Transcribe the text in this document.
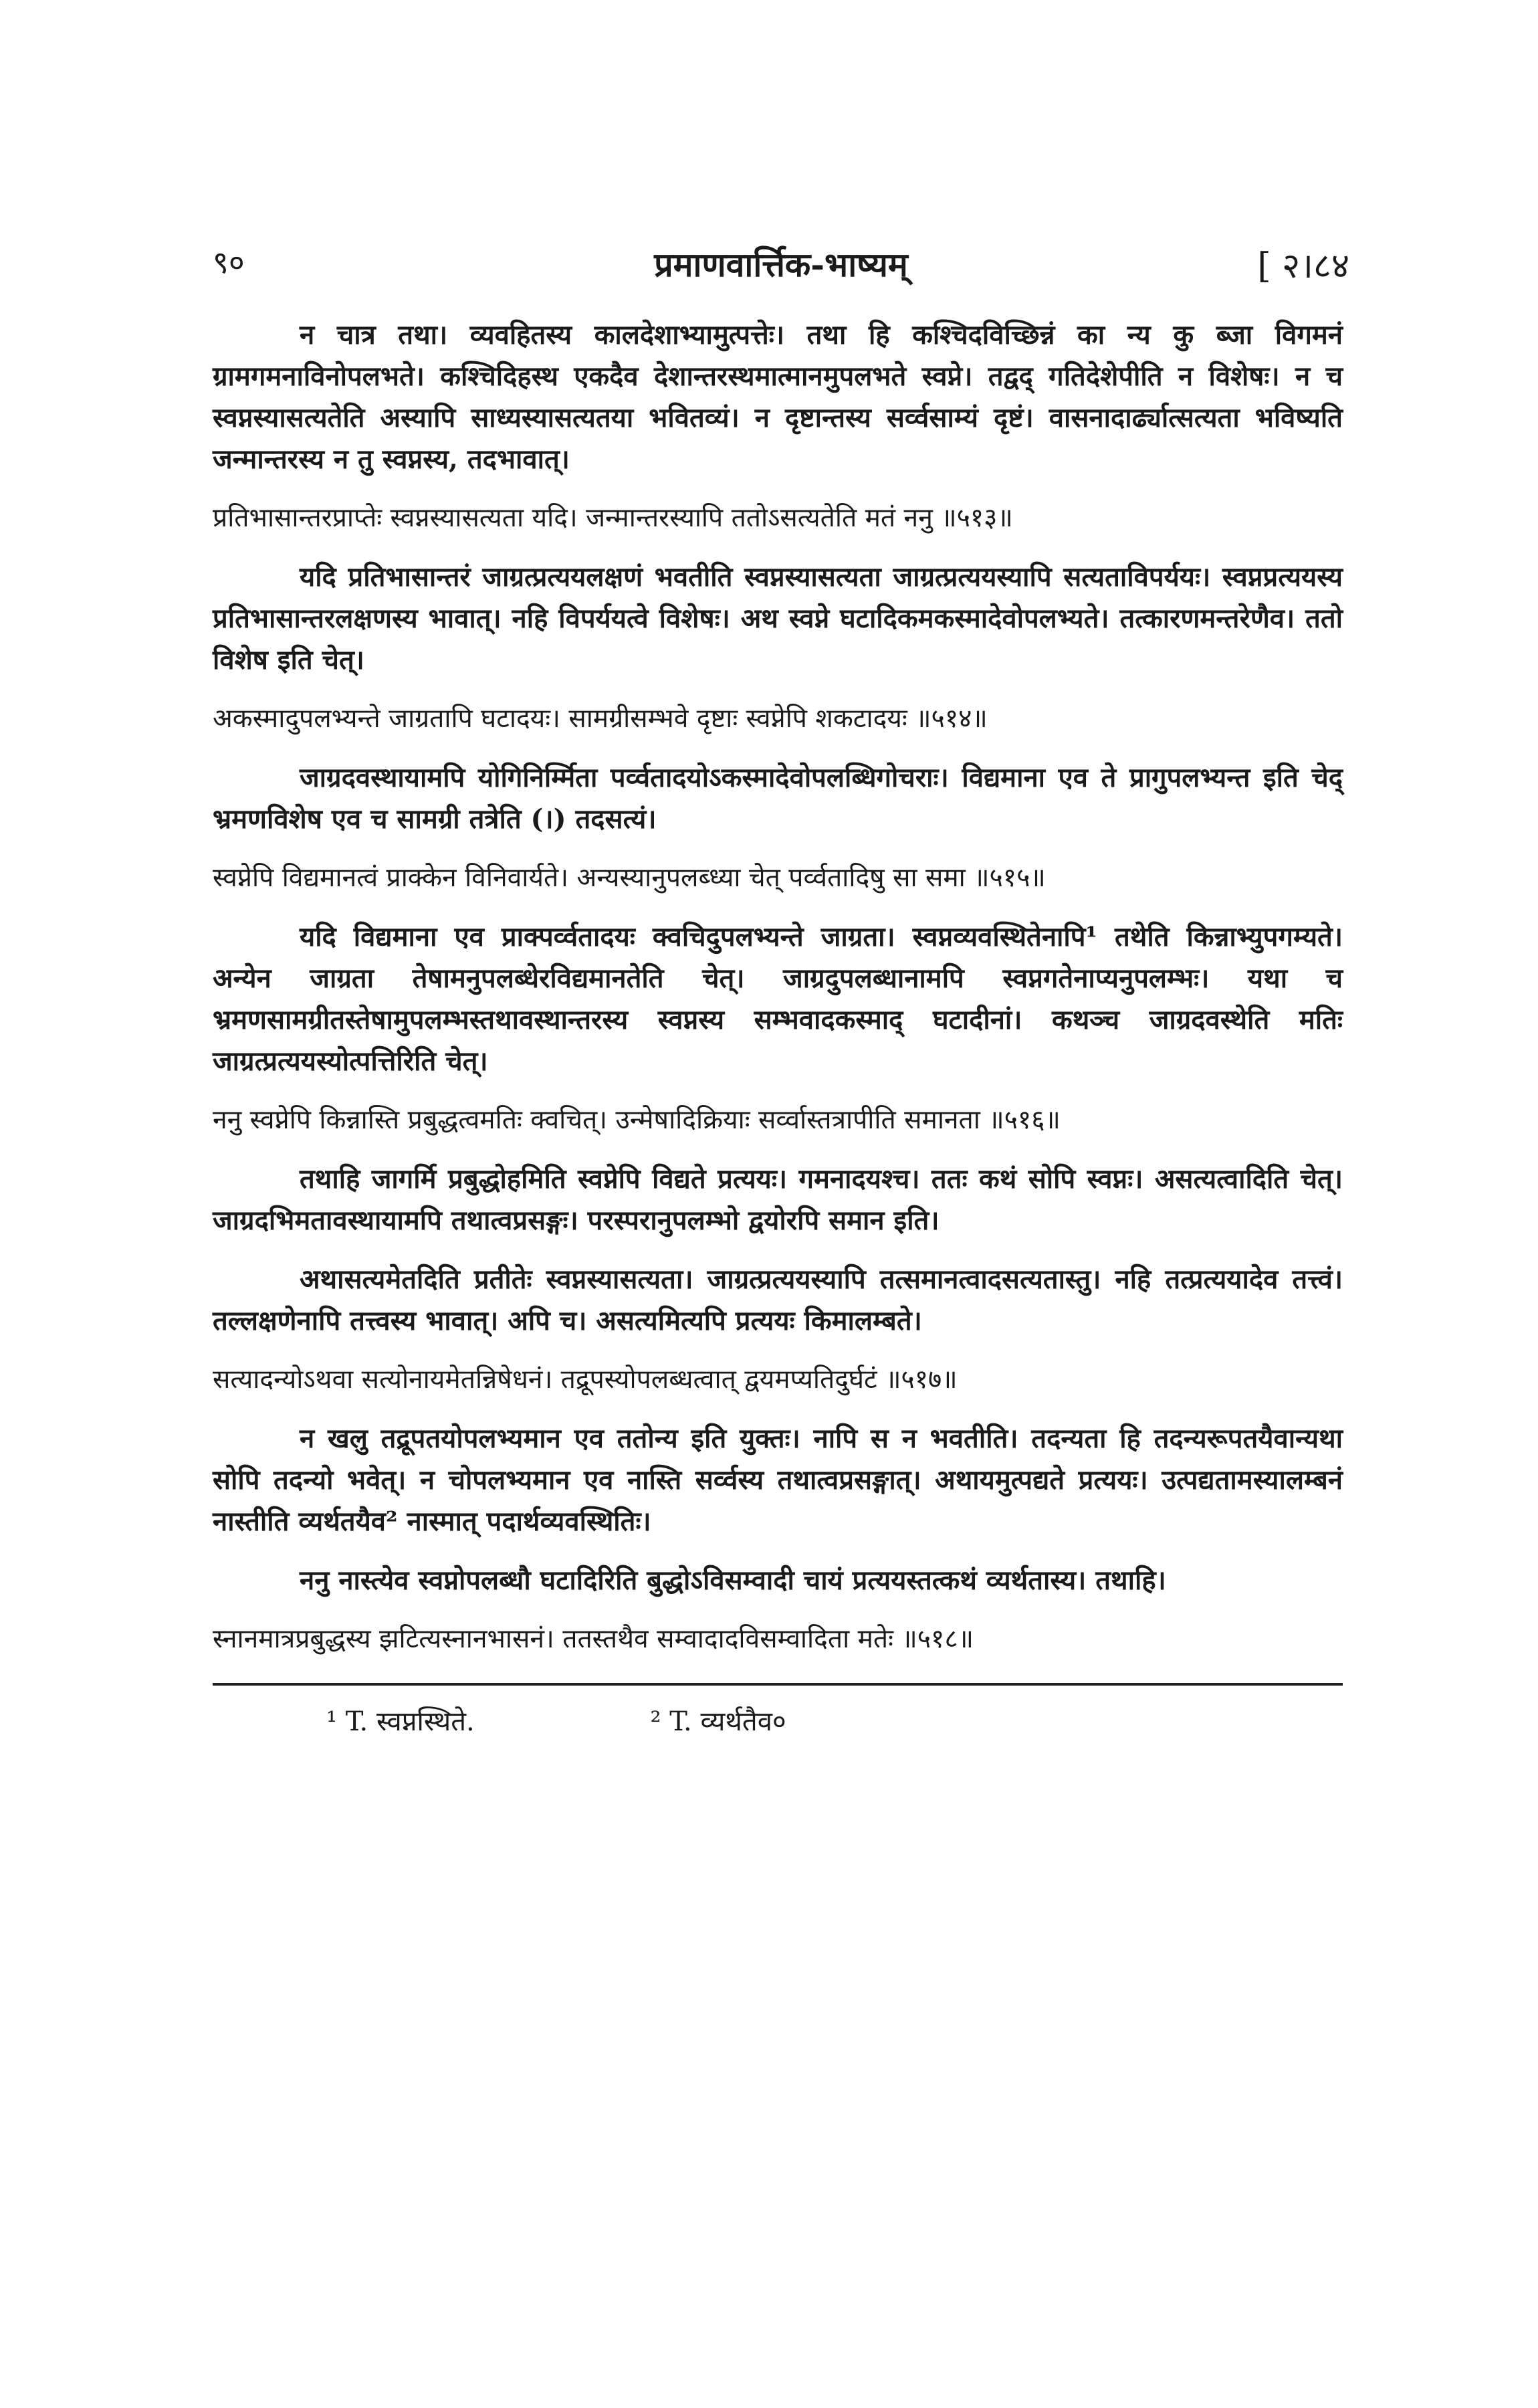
९०	प्रमाणवार्त्तिक-भाष्यम्	[ २।८४

न चात्र तथा। व्यवहितस्य कालदेशाभ्यामुत्पत्तेः। तथा हि कश्चिदविच्छिन्नं का न्य कु ब्जा विगमनं ग्रामगमनाविनोपलभते। कश्चिदिहस्थ एकदैव देशान्तरस्थमात्मानमुपलभते स्वप्ने। तद्वद् गतिदेशेपीति न विशेषः। न च स्वप्नस्यासत्यतेति अस्यापि साध्यस्यासत्यतया भवितव्यं। न दृष्टान्तस्य सर्व्वसाम्यं दृष्टं। वासनादार्ढ्यात्सत्यता भविष्यति जन्मान्तरस्य न तु स्वप्नस्य, तदभावात्।

प्रतिभासान्तरप्राप्तेः स्वप्नस्यासत्यता यदि। जन्मान्तरस्यापि ततोऽसत्यतेति मतं ननु ॥५१३॥

यदि प्रतिभासान्तरं जाग्रत्प्रत्ययलक्षणं भवतीति स्वप्नस्यासत्यता जाग्रत्प्रत्ययस्यापि सत्यताविपर्ययः। स्वप्नप्रत्ययस्य प्रतिभासान्तरलक्षणस्य भावात्। नहि विपर्ययत्वे विशेषः। अथ स्वप्ने घटादिकमकस्मादेवोपलभ्यते। तत्कारणमन्तरेणैव। ततो विशेष इति चेत्।

अकस्मादुपलभ्यन्ते जाग्रतापि घटादयः। सामग्रीसम्भवे दृष्टाः स्वप्नेपि शकटादयः ॥५१४॥

जाग्रदवस्थायामपि योगिनिर्म्मिता पर्व्वतादयोऽकस्मादेवोपलब्धिगोचराः। विद्यमाना एव ते प्रागुपलभ्यन्त इति चेद् भ्रमणविशेष एव च सामग्री तत्रेति (।) तदसत्यं।

स्वप्नेपि विद्यमानत्वं प्राक्केन विनिवार्यते। अन्यस्यानुपलब्ध्या चेत् पर्व्वतादिषु सा समा ॥५१५॥

यदि विद्यमाना एव प्राक्पर्व्वतादयः क्वचिदुपलभ्यन्ते जाग्रता। स्वप्नव्यवस्थितेनापि¹ तथेति किन्नाभ्युपगम्यते। अन्येन जाग्रता तेषामनुपलब्धेरविद्यमानतेति चेत्। जाग्रदुपलब्धानामपि स्वप्नगतेनाप्यनुपलम्भः। यथा च भ्रमणसामग्रीतस्तेषामुपलम्भस्तथावस्थान्तरस्य स्वप्नस्य सम्भवादकस्माद् घटादीनां। कथञ्च जाग्रदवस्थेति मतिः जाग्रत्प्रत्ययस्योत्पत्तिरिति चेत्।

ननु स्वप्नेपि किन्नास्ति प्रबुद्धत्वमतिः क्वचित्। उन्मेषादिक्रियाः सर्व्वास्तत्रापीति समानता ॥५१६॥

तथाहि जागर्मि प्रबुद्धोहमिति स्वप्नेपि विद्यते प्रत्ययः। गमनादयश्च। ततः कथं सोपि स्वप्नः। असत्यत्वादिति चेत्। जाग्रदभिमतावस्थायामपि तथात्वप्रसङ्गः। परस्परानुपलम्भो द्वयोरपि समान इति।

अथासत्यमेतदिति प्रतीतेः स्वप्नस्यासत्यता। जाग्रत्प्रत्ययस्यापि तत्समानत्वादसत्यतास्तु। नहि तत्प्रत्ययादेव तत्त्वं। तल्लक्षणेनापि तत्त्वस्य भावात्। अपि च। असत्यमित्यपि प्रत्ययः किमालम्बते।

सत्यादन्योऽथवा सत्योनायमेतन्निषेधनं। तद्रूपस्योपलब्धत्वात् द्वयमप्यतिदुर्घटं ॥५१७॥

न खलु तद्रूपतयोपलभ्यमान एव ततोन्य इति युक्तः। नापि स न भवतीति। तदन्यता हि तदन्यरूपतयैवान्यथा सोपि तदन्यो भवेत्। न चोपलभ्यमान एव नास्ति सर्व्वस्य तथात्वप्रसङ्गात्। अथायमुत्पद्यते प्रत्ययः। उत्पद्यतामस्यालम्बनं नास्तीति व्यर्थतयैव² नास्मात् पदार्थव्यवस्थितिः।

ननु नास्त्येव स्वप्नोपलब्धौ घटादिरिति बुद्धोऽविसम्वादी चायं प्रत्ययस्तत्कथं व्यर्थतास्य। तथाहि।

स्नानमात्रप्रबुद्धस्य झटित्यस्नानभासनं। ततस्तथैव सम्वादादविसम्वादिता मतेः ॥५१८॥

¹ T. स्वप्नस्थिते.	² T. व्यर्थतैव०
